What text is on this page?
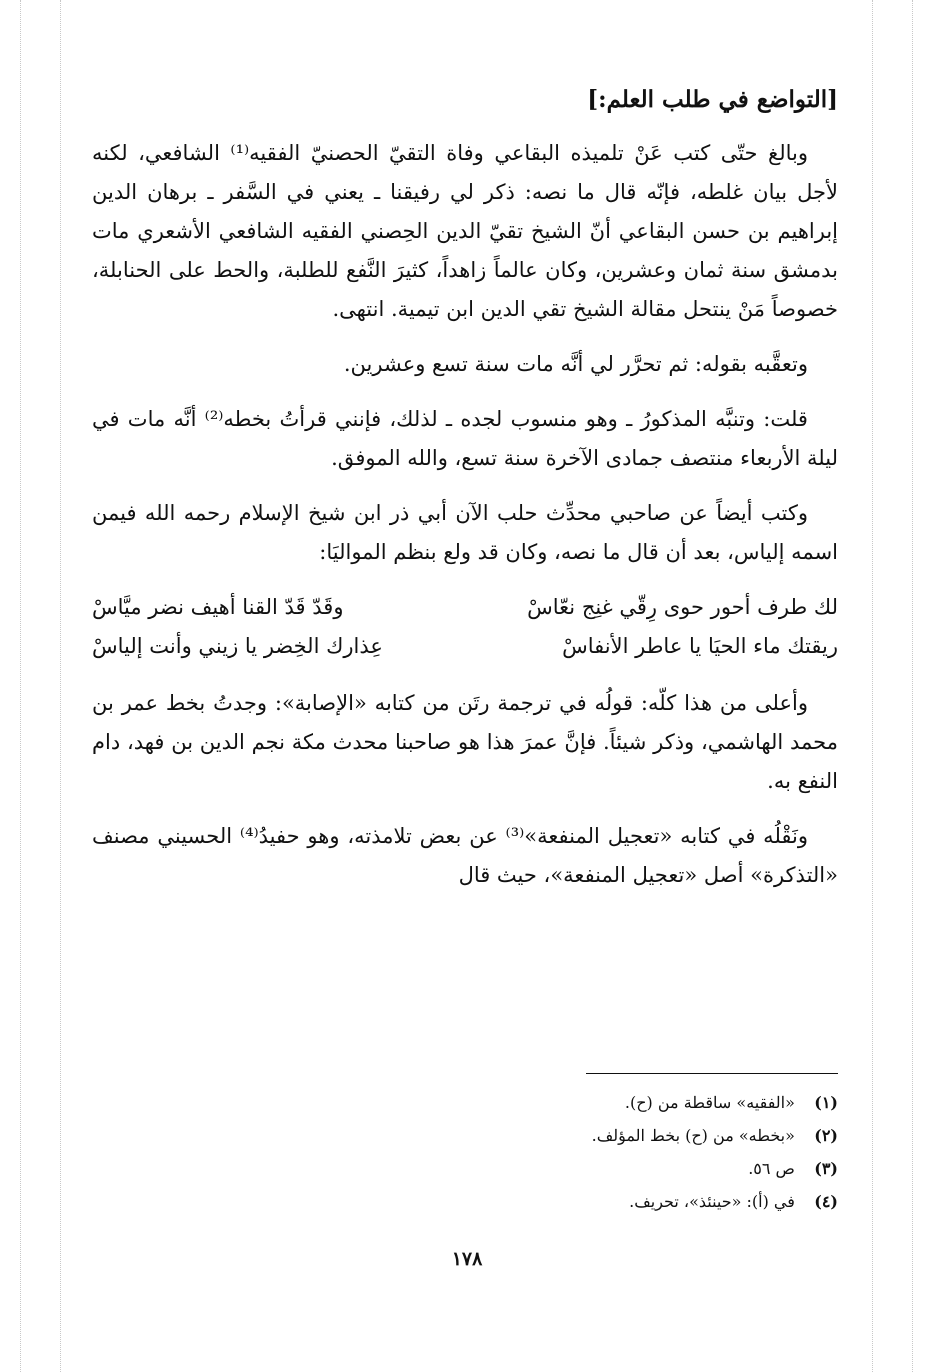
[التواضع في طلب العلم:]

وبالغ حتّى كتب عَنْ تلميذه البقاعي وفاة التقيّ الحصنيّ الفقيه⁽¹⁾ الشافعي، لكنه لأجل بيان غلطه، فإنّه قال ما نصه: ذكر لي رفيقنا ـ يعني في السَّفر ـ برهان الدين إبراهيم بن حسن البقاعي أنّ الشيخ تقيّ الدين الحِصني الفقيه الشافعي الأشعري مات بدمشق سنة ثمان وعشرين، وكان عالماً زاهداً، كثيرَ النَّفع للطلبة، والحط على الحنابلة، خصوصاً مَنْ ينتحل مقالة الشيخ تقي الدين ابن تيمية. انتهى.

وتعقَّبه بقوله: ثم تحرَّر لي أنَّه مات سنة تسع وعشرين.

قلت: وتنبَّه المذكورُ ـ وهو منسوب لجده ـ لذلك، فإنني قرأتُ بخطه⁽²⁾ أنَّه مات في ليلة الأربعاء منتصف جمادى الآخرة سنة تسع، والله الموفق.

وكتب أيضاً عن صاحبي محدِّث حلب الآن أبي ذر ابن شيخ الإسلام رحمه الله فيمن اسمه إلياس، بعد أن قال ما نصه، وكان قد ولع بنظم المواليَا:

لك طرف أحور حوى رِقّي غنِج نعّاسْ
وقَدّ قَدّ القنا أهيف نضر ميَّاسْ
ريقتك ماء الحيَا يا عاطر الأنفاسْ
عِذارك الخِضر يا زيني وأنت إلياسْ

وأعلى من هذا كلّه: قولُه في ترجمة رتَن من كتابه «الإصابة»: وجدتُ بخط عمر بن محمد الهاشمي، وذكر شيئاً. فإنَّ عمرَ هذا هو صاحبنا محدث مكة نجم الدين بن فهد، دام النفع به.

ونَقْلُه في كتابه «تعجيل المنفعة»⁽³⁾ عن بعض تلامذته، وهو حفيدُ⁽⁴⁾ الحسيني مصنف «التذكرة» أصل «تعجيل المنفعة»، حيث قال

(١) «الفقيه» ساقطة من (ح).
(٢) «بخطه» من (ح) بخط المؤلف.
(٣) ص ٥٦.
(٤) في (أ): «حينئذ»، تحريف.
١٧٨
